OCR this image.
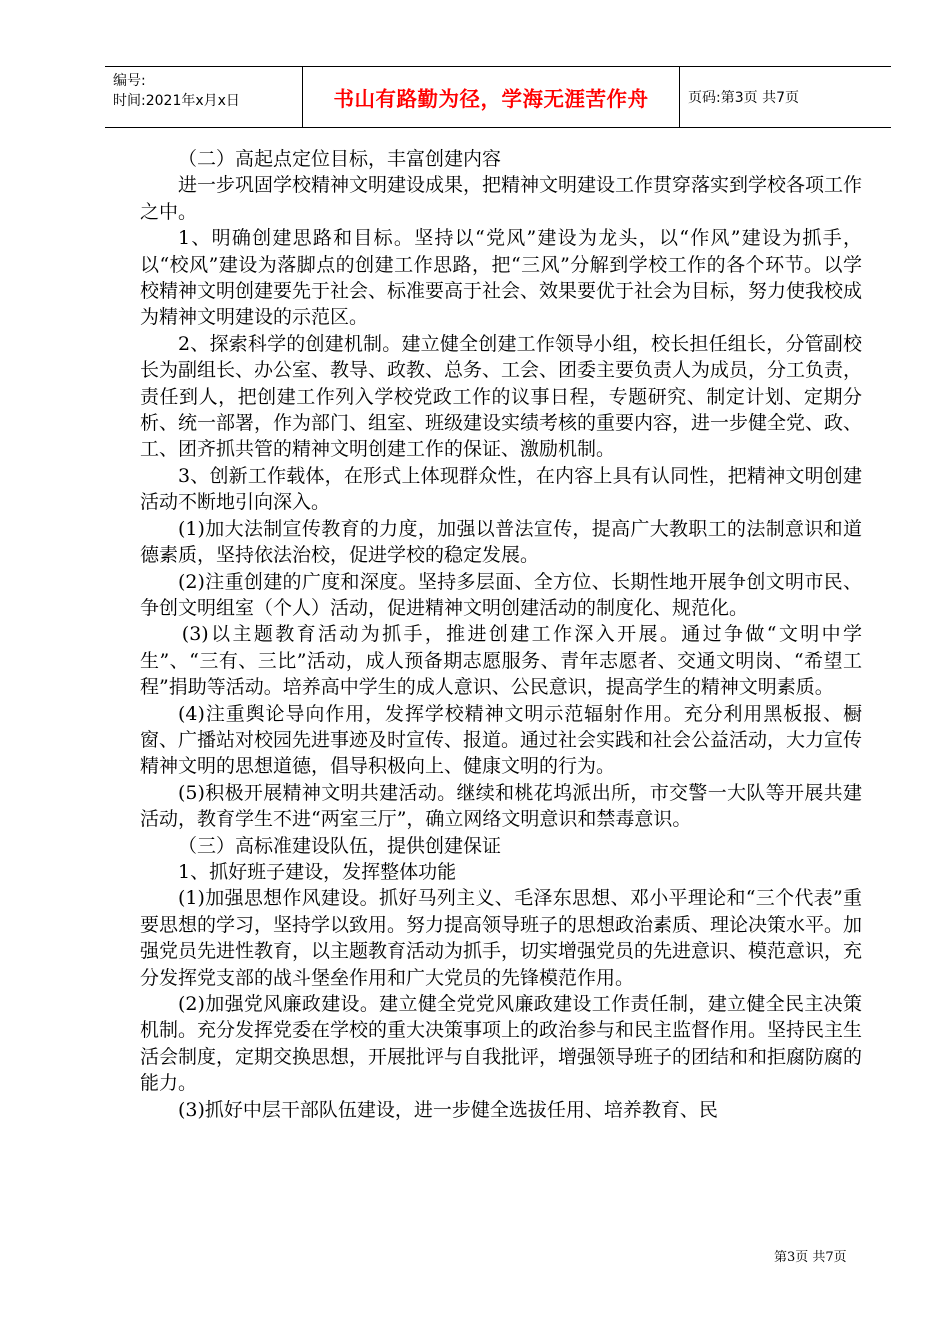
编号:
时间:2021年x月x日	书山有路勤为径，学海无涯苦作舟	页码:第3页 共7页

（二）高起点定位目标，丰富创建内容

进一步巩固学校精神文明建设成果，把精神文明建设工作贯穿落实到学校各项工作之中。

1、明确创建思路和目标。坚持以“党风”建设为龙头，以“作风”建设为抓手，以“校风”建设为落脚点的创建工作思路，把“三风”分解到学校工作的各个环节。以学校精神文明创建要先于社会、标准要高于社会、效果要优于社会为目标，努力使我校成为精神文明建设的示范区。

2、探索科学的创建机制。建立健全创建工作领导小组，校长担任组长，分管副校长为副组长、办公室、教导、政教、总务、工会、团委主要负责人为成员，分工负责，责任到人，把创建工作列入学校党政工作的议事日程，专题研究、制定计划、定期分析、统一部署，作为部门、组室、班级建设实绩考核的重要内容，进一步健全党、政、工、团齐抓共管的精神文明创建工作的保证、激励机制。

3、创新工作载体，在形式上体现群众性，在内容上具有认同性，把精神文明创建活动不断地引向深入。

(1)加大法制宣传教育的力度，加强以普法宣传，提高广大教职工的法制意识和道德素质，坚持依法治校，促进学校的稳定发展。

(2)注重创建的广度和深度。坚持多层面、全方位、长期性地开展争创文明市民、争创文明组室（个人）活动，促进精神文明创建活动的制度化、规范化。

(3)以主题教育活动为抓手，推进创建工作深入开展。通过争做“文明中学生”、“三有、三比”活动，成人预备期志愿服务、青年志愿者、交通文明岗、“希望工程”捐助等活动。培养高中学生的成人意识、公民意识，提高学生的精神文明素质。

(4)注重舆论导向作用，发挥学校精神文明示范辐射作用。充分利用黑板报、橱窗、广播站对校园先进事迹及时宣传、报道。通过社会实践和社会公益活动，大力宣传精神文明的思想道德，倡导积极向上、健康文明的行为。

(5)积极开展精神文明共建活动。继续和桃花坞派出所，市交警一大队等开展共建活动，教育学生不进“两室三厅”，确立网络文明意识和禁毒意识。

（三）高标准建设队伍，提供创建保证

1、抓好班子建设，发挥整体功能

(1)加强思想作风建设。抓好马列主义、毛泽东思想、邓小平理论和“三个代表”重要思想的学习，坚持学以致用。努力提高领导班子的思想政治素质、理论决策水平。加强党员先进性教育，以主题教育活动为抓手，切实增强党员的先进意识、模范意识，充分发挥党支部的战斗堡垒作用和广大党员的先锋模范作用。

(2)加强党风廉政建设。建立健全党党风廉政建设工作责任制，建立健全民主决策机制。充分发挥党委在学校的重大决策事项上的政治参与和民主监督作用。坚持民主生活会制度，定期交换思想，开展批评与自我批评，增强领导班子的团结和和拒腐防腐的能力。

(3)抓好中层干部队伍建设，进一步健全选拔任用、培养教育、民

第3页 共7页
